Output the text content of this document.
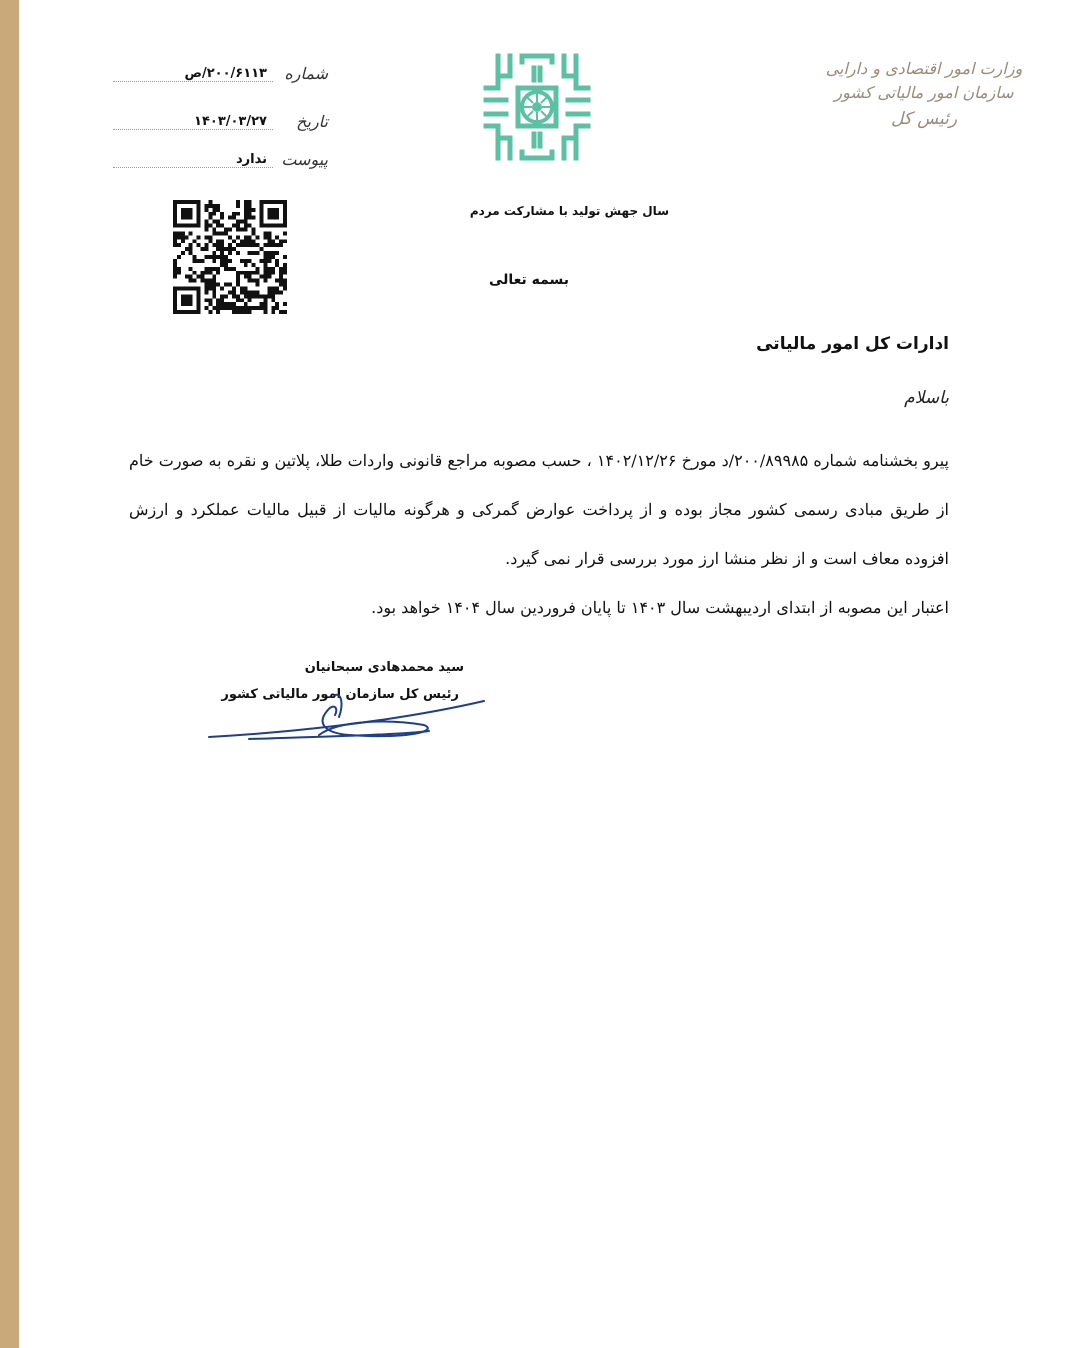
وزارت امور اقتصادی و دارایی
سازمان امور مالیاتی کشور
رئیس کل
سال جهش تولید با مشارکت مردم
شماره
۲۰۰/۶۱۱۳/ص
تاریخ
۱۴۰۳/۰۳/۲۷
پیوست
ندارد
بسمه تعالی
ادارات کل امور مالیاتی
باسلام

پیرو بخشنامه شماره ۲۰۰/۸۹۹۸۵/د مورخ ۱۴۰۲/۱۲/۲۶ ، حسب مصوبه مراجع قانونی واردات طلا، پلاتین و نقره به صورت خام از طریق مبادی رسمی کشور مجاز بوده و از پرداخت عوارض گمرکی و هرگونه مالیات از قبیل مالیات عملکرد و ارزش افزوده معاف است و از نظر منشا ارز مورد بررسی قرار نمی گیرد.

اعتبار این مصوبه از ابتدای اردیبهشت سال ۱۴۰۳ تا پایان فروردین سال ۱۴۰۴ خواهد بود.

سید محمدهادی سبحانیان
رئیس کل سازمان امور مالیاتی کشور
